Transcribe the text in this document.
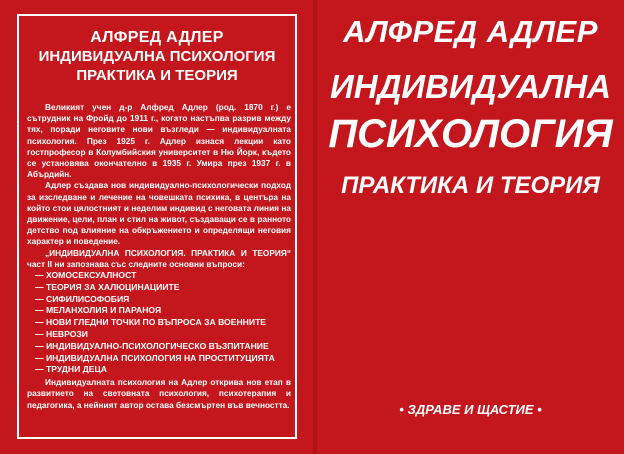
АЛФРЕД АДЛЕР
ИНДИВИДУАЛНА ПСИХОЛОГИЯ
ПРАКТИКА И ТЕОРИЯ

Великият учен д-р Алфред Адлер (род. 1870 г.) е сътрудник на Фройд до 1911 г., когато настъпва разрив между тях, поради неговите нови възгледи — индивидуалната психология. През 1925 г. Адлер изнася лекции като гостпрофесор в Колумбийския университет в Ню Йорк, където се установява окончателно в 1935 г. Умира през 1937 г. в Абърдийн.

Адлер създава нов индивидуално-психологически подход за изследване и лечение на човешката психика, в центъра на който стои цялостният и неделим индивид с неговата линия на движение, цели, план и стил на живот, създаващи се в ранното детство под влияние на обкръжението и определящи неговия характер и поведение.

„ИНДИВИДУАЛНА ПСИХОЛОГИЯ. ПРАКТИКА И ТЕОРИЯ“ част II ни запознава със следните основни въпроси:

— ХОМОСЕКСУАЛНОСТ
— ТЕОРИЯ ЗА ХАЛЮЦИНАЦИИТЕ
— СИФИЛИСОФОБИЯ
— МЕЛАНХОЛИЯ И ПАРАНОЯ
— НОВИ ГЛЕДНИ ТОЧКИ ПО ВЪПРОСА ЗА ВОЕННИТЕ
— НЕВРОЗИ
— ИНДИВИДУАЛНО-ПСИХОЛОГИЧЕСКО ВЪЗПИТАНИЕ
— ИНДИВИДУАЛНА ПСИХОЛОГИЯ НА ПРОСТИТУЦИЯТА
— ТРУДНИ ДЕЦА

Индивидуалната психология на Адлер открива нов етап в развитието на световната психология, психотерапия и педагогика, а нейният автор остава безсмъртен във вечността.

АЛФРЕД АДЛЕР
ИНДИВИДУАЛНА
ПСИХОЛОГИЯ
ПРАКТИКА И ТЕОРИЯ
• ЗДРАВЕ И ЩАСТИЕ •
